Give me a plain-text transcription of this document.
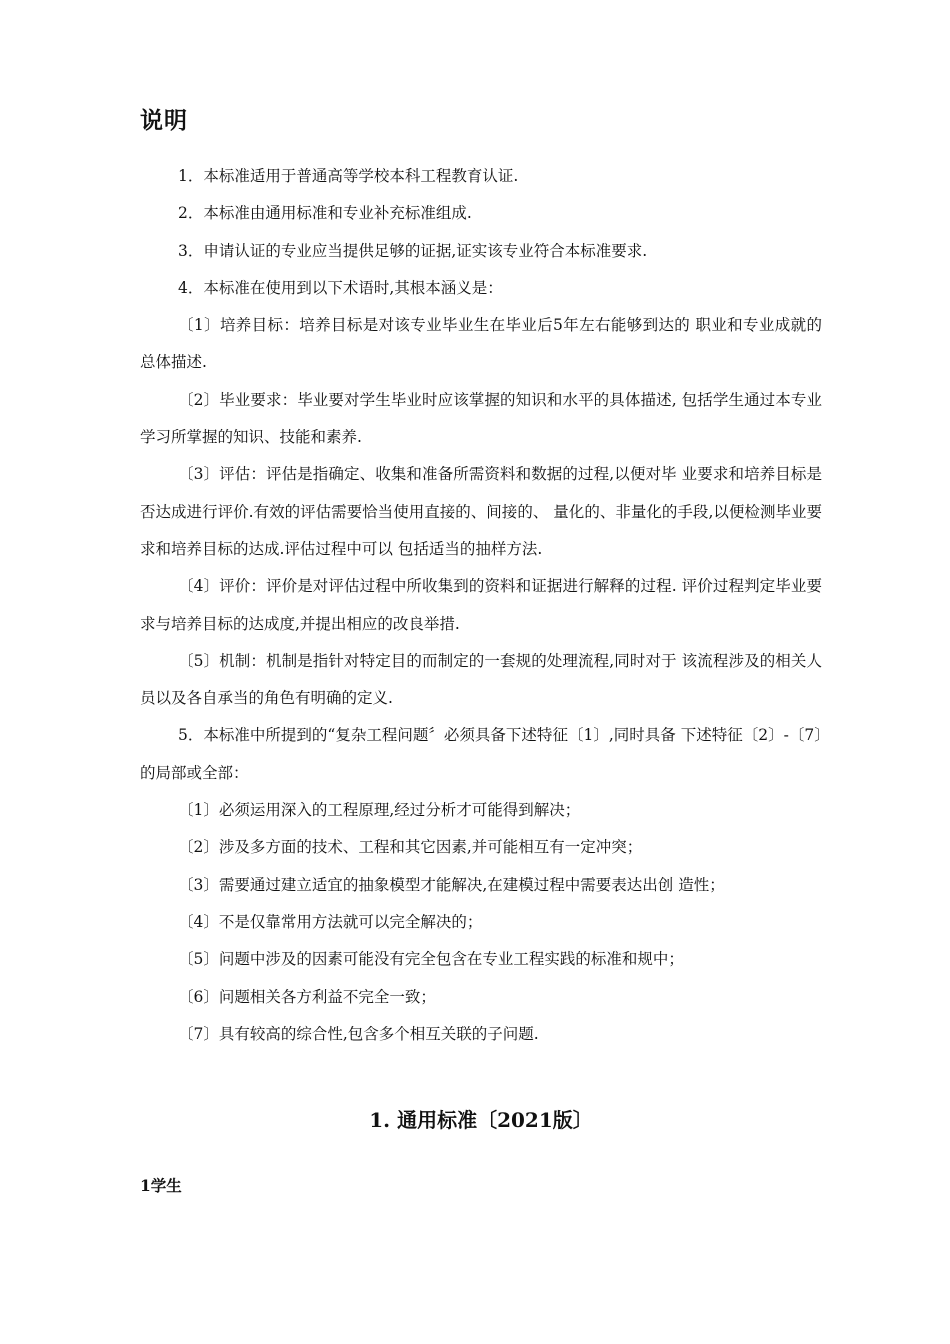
说明

1．本标准适用于普通高等学校本科工程教育认证.

2．本标准由通用标准和专业补充标准组成.

3．申请认证的专业应当提供足够的证据,证实该专业符合本标准要求.

4．本标准在使用到以下术语时,其根本涵义是：

〔1〕培养目标：培养目标是对该专业毕业生在毕业后5年左右能够到达的 职业和专业成就的总体描述.

〔2〕毕业要求：毕业要对学生毕业时应该掌握的知识和水平的具体描述, 包括学生通过本专业学习所掌握的知识、技能和素养.

〔3〕评估：评估是指确定、收集和准备所需资料和数据的过程,以便对毕 业要求和培养目标是否达成进行评价.有效的评估需要恰当使用直接的、间接的、 量化的、非量化的手段,以便检测毕业要求和培养目标的达成.评估过程中可以 包括适当的抽样方法.

〔4〕评价：评价是对评估过程中所收集到的资料和证据进行解释的过程. 评价过程判定毕业要求与培养目标的达成度,并提出相应的改良举措.

〔5〕机制：机制是指针对特定目的而制定的一套规的处理流程,同时对于 该流程涉及的相关人员以及各自承当的角色有明确的定义.

5．本标准中所提到的“复杂工程问题〞必须具备下述特征〔1〕,同时具备 下述特征〔2〕-〔7〕的局部或全部：

〔1〕必须运用深入的工程原理,经过分析才可能得到解决；

〔2〕涉及多方面的技术、工程和其它因素,并可能相互有一定冲突；

〔3〕需要通过建立适宜的抽象模型才能解决,在建模过程中需要表达出创 造性；

〔4〕不是仅靠常用方法就可以完全解决的；

〔5〕问题中涉及的因素可能没有完全包含在专业工程实践的标准和规中；

〔6〕问题相关各方利益不完全一致；

〔7〕具有较高的综合性,包含多个相互关联的子问题.

1. 通用标准〔2021版〕
1学生
